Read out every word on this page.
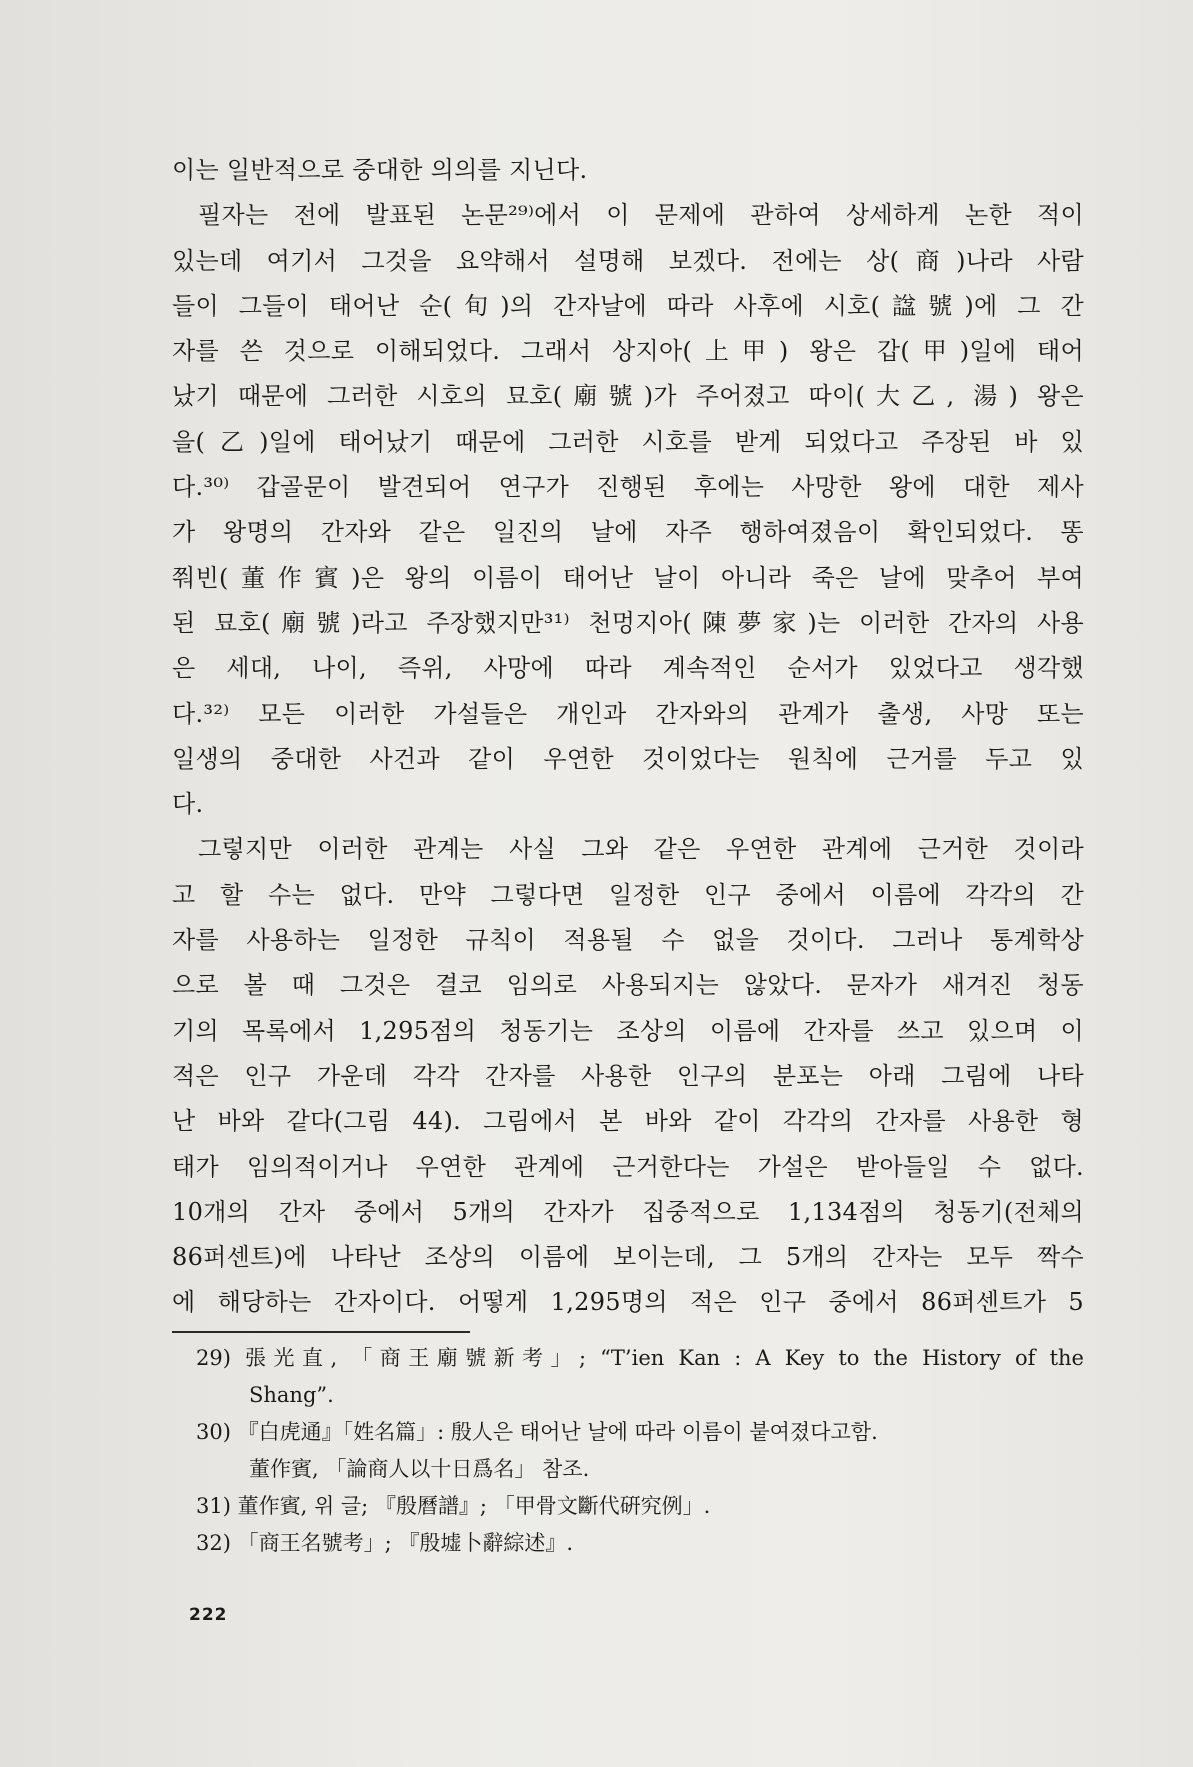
이는 일반적으로 중대한 의의를 지닌다.
필자는 전에 발표된 논문²⁹⁾에서 이 문제에 관하여 상세하게 논한 적이
있는데 여기서 그것을 요약해서 설명해 보겠다. 전에는 상(商)나라 사람
들이 그들이 태어난 순(旬)의 간자날에 따라 사후에 시호(諡號)에 그 간
자를 쓴 것으로 이해되었다. 그래서 상지아(上甲) 왕은 갑(甲)일에 태어
났기 때문에 그러한 시호의 묘호(廟號)가 주어졌고 따이(大乙, 湯) 왕은
을(乙)일에 태어났기 때문에 그러한 시호를 받게 되었다고 주장된 바 있
다.³⁰⁾ 갑골문이 발견되어 연구가 진행된 후에는 사망한 왕에 대한 제사
가 왕명의 간자와 같은 일진의 날에 자주 행하여졌음이 확인되었다. 똥
쭤빈(董作賓)은 왕의 이름이 태어난 날이 아니라 죽은 날에 맞추어 부여
된 묘호(廟號)라고 주장했지만³¹⁾ 천멍지아(陳夢家)는 이러한 간자의 사용
은 세대, 나이, 즉위, 사망에 따라 계속적인 순서가 있었다고 생각했
다.³²⁾ 모든 이러한 가설들은 개인과 간자와의 관계가 출생, 사망 또는
일생의 중대한 사건과 같이 우연한 것이었다는 원칙에 근거를 두고 있
다.
그렇지만 이러한 관계는 사실 그와 같은 우연한 관계에 근거한 것이라
고 할 수는 없다. 만약 그렇다면 일정한 인구 중에서 이름에 각각의 간
자를 사용하는 일정한 규칙이 적용될 수 없을 것이다. 그러나 통계학상
으로 볼 때 그것은 결코 임의로 사용되지는 않았다. 문자가 새겨진 청동
기의 목록에서 1,295점의 청동기는 조상의 이름에 간자를 쓰고 있으며 이
적은 인구 가운데 각각 간자를 사용한 인구의 분포는 아래 그림에 나타
난 바와 같다(그림 44). 그림에서 본 바와 같이 각각의 간자를 사용한 형
태가 임의적이거나 우연한 관계에 근거한다는 가설은 받아들일 수 없다.
10개의 간자 중에서 5개의 간자가 집중적으로 1,134점의 청동기(전체의
86퍼센트)에 나타난 조상의 이름에 보이는데, 그 5개의 간자는 모두 짝수
에 해당하는 간자이다. 어떻게 1,295명의 적은 인구 중에서 86퍼센트가 5
29) 張光直, 「商王廟號新考」; “T’ien Kan : A Key to the History of the
Shang”.
30) 『白虎通』「姓名篇」: 殷人은 태어난 날에 따라 이름이 붙여졌다고함.
董作賓, 「論商人以十日爲名」 참조.
31) 董作賓, 위 글; 『殷曆譜』; 「甲骨文斷代硏究例」.
32) 「商王名號考」; 『殷墟卜辭綜述』.
222
